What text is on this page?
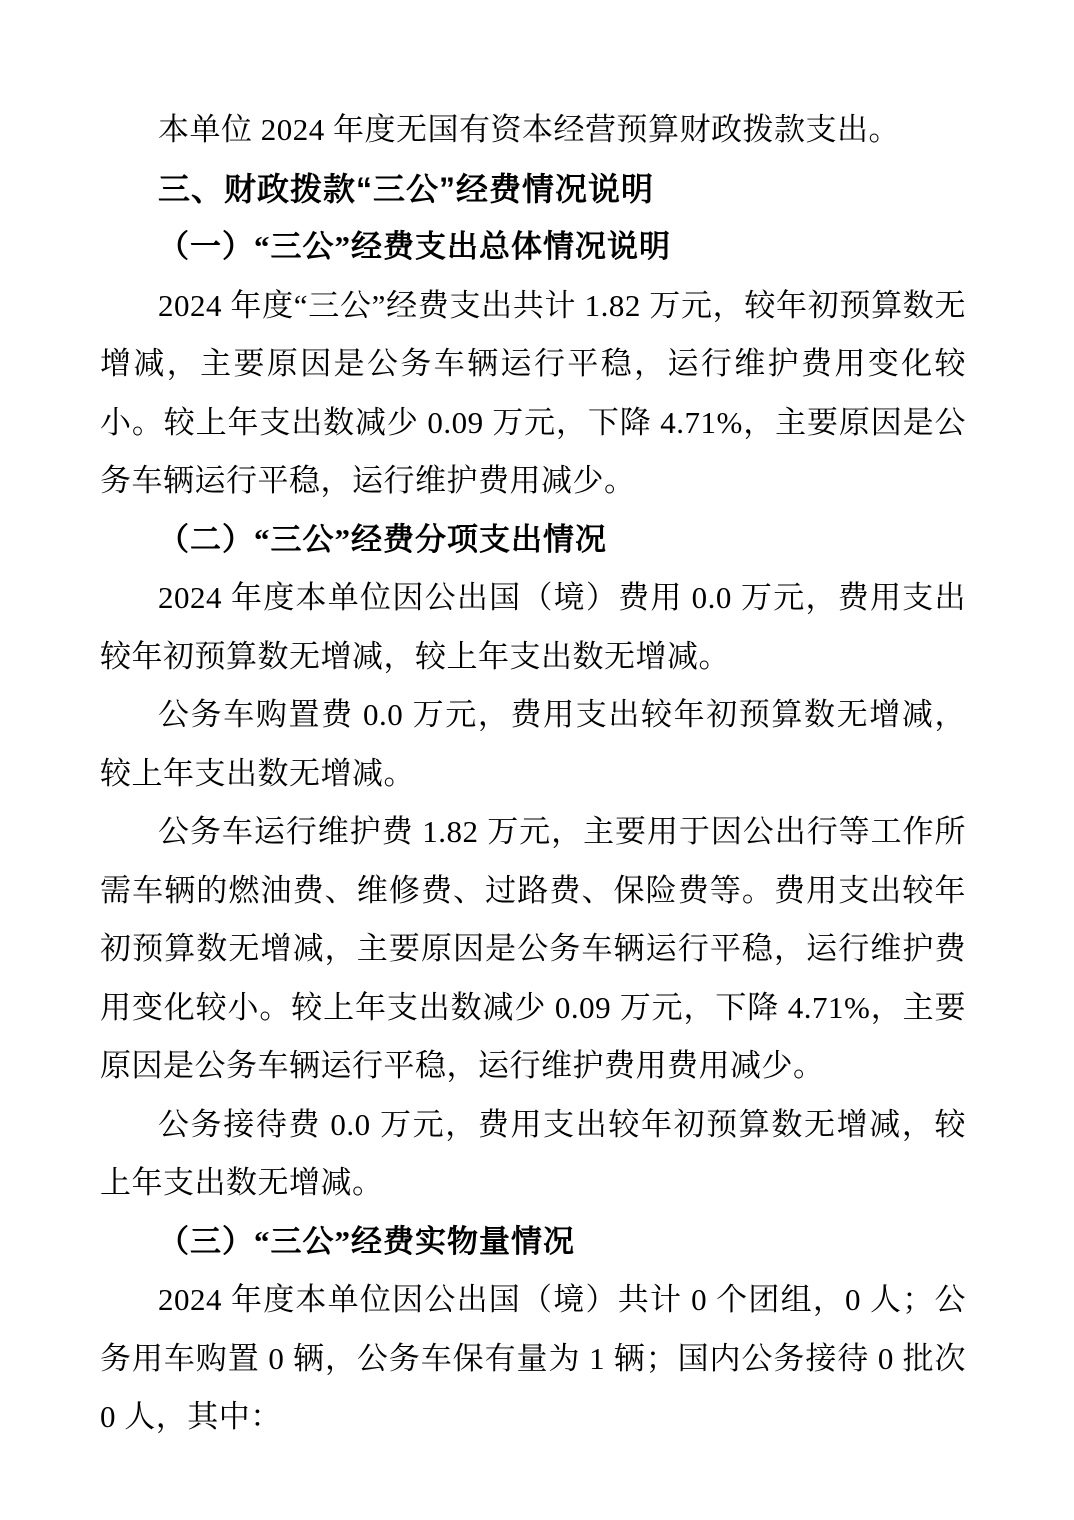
本单位 2024 年度无国有资本经营预算财政拨款支出。

三、财政拨款“三公”经费情况说明

（一）“三公”经费支出总体情况说明

2024 年度“三公”经费支出共计 1.82 万元，较年初预算数无增减，主要原因是公务车辆运行平稳，运行维护费用变化较小。较上年支出数减少 0.09 万元，下降 4.71%，主要原因是公务车辆运行平稳，运行维护费用减少。

（二）“三公”经费分项支出情况

2024 年度本单位因公出国（境）费用 0.0 万元，费用支出较年初预算数无增减，较上年支出数无增减。

公务车购置费 0.0 万元，费用支出较年初预算数无增减，较上年支出数无增减。

公务车运行维护费 1.82 万元，主要用于因公出行等工作所需车辆的燃油费、维修费、过路费、保险费等。费用支出较年初预算数无增减，主要原因是公务车辆运行平稳，运行维护费用变化较小。较上年支出数减少 0.09 万元，下降 4.71%，主要原因是公务车辆运行平稳，运行维护费用费用减少。

公务接待费 0.0 万元，费用支出较年初预算数无增减，较上年支出数无增减。

（三）“三公”经费实物量情况

2024 年度本单位因公出国（境）共计 0 个团组，0 人；公务用车购置 0 辆，公务车保有量为 1 辆；国内公务接待 0 批次 0 人，其中：
